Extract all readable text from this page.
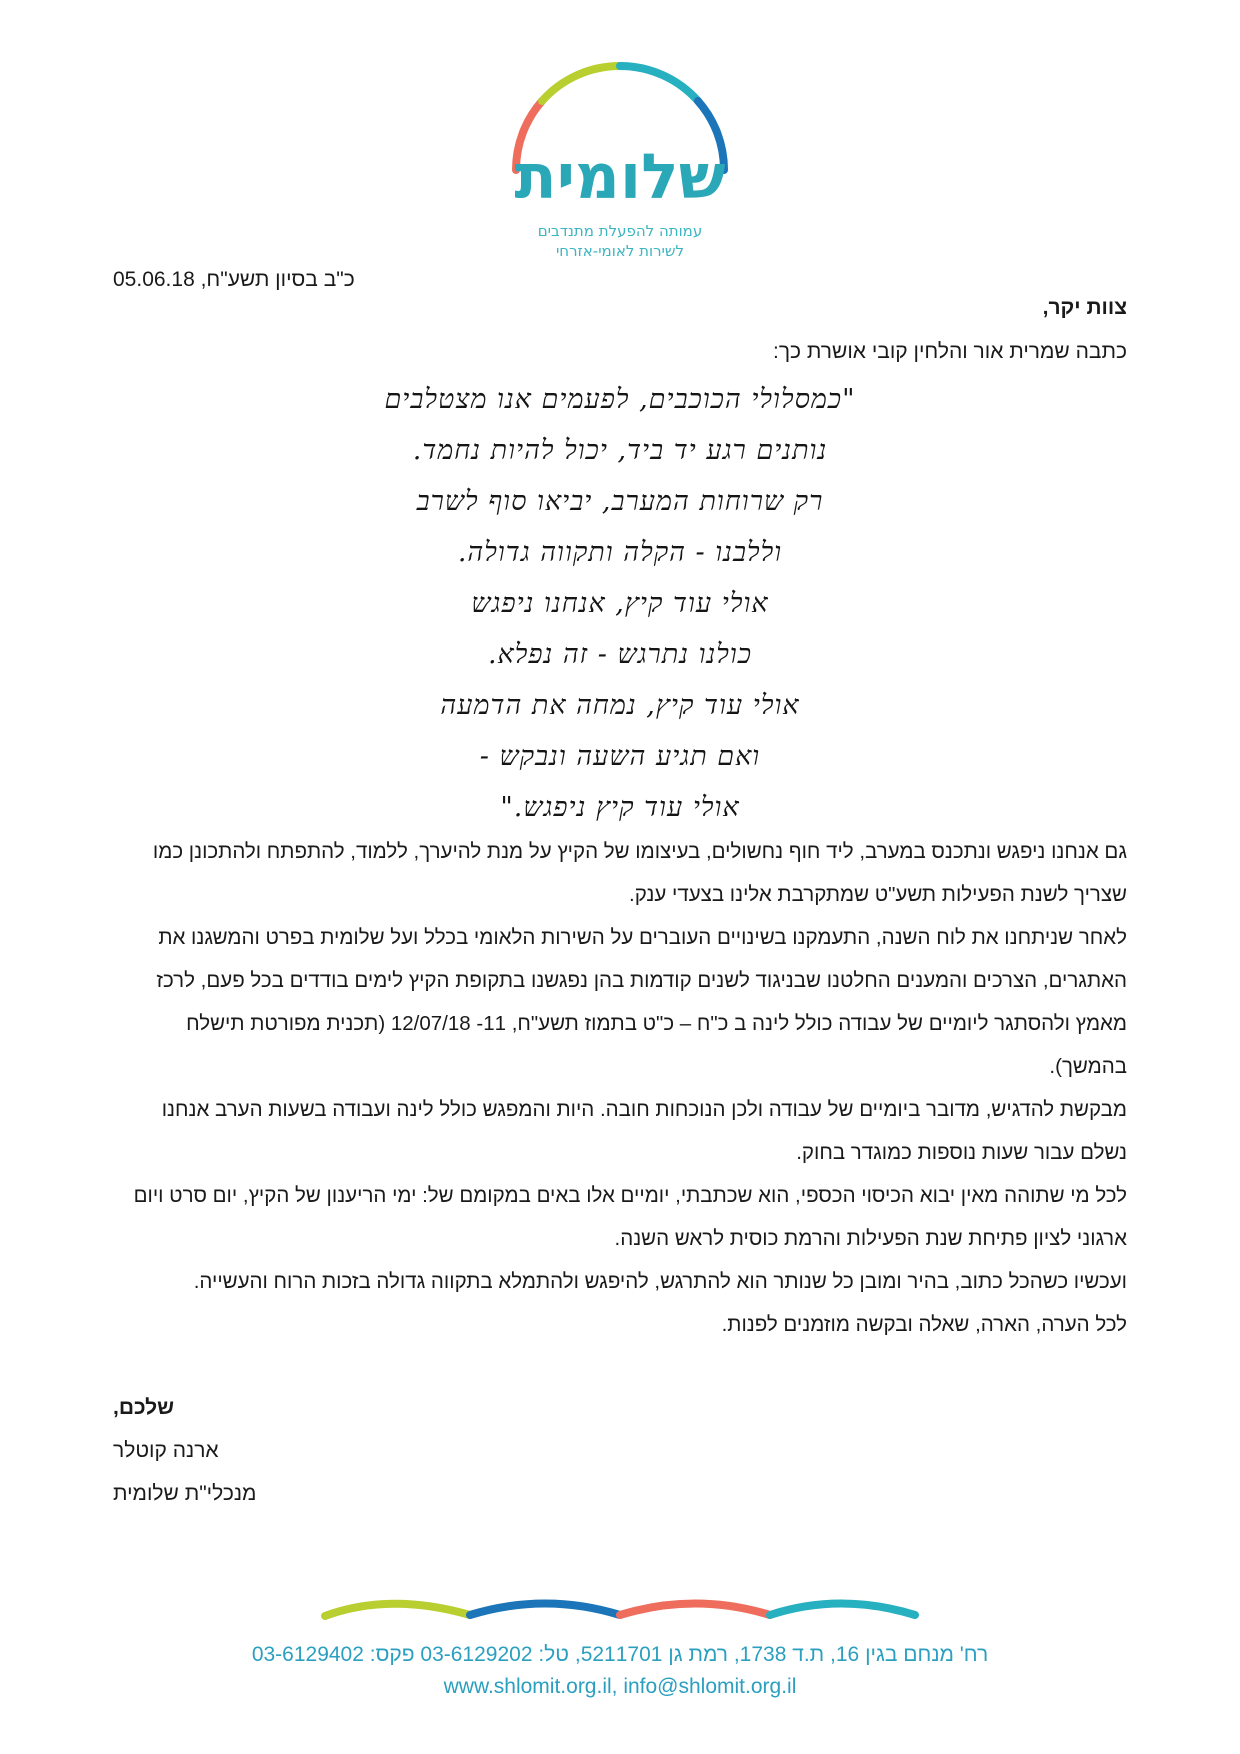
שלומית
עמותה להפעלת מתנדבים
לשירות לאומי-אזרחי
כ"ב בסיון תשע"ח, 05.06.18
צוות יקר,
כתבה שמרית אור והלחין קובי אושרת כך:
"כמסלולי הכוכבים, לפעמים אנו מצטלבים
נותנים רגע יד ביד, יכול להיות נחמד.
רק שרוחות המערב, יביאו סוף לשרב
וללבנו - הקלה ותקווה גדולה.
אולי עוד קיץ, אנחנו ניפגש
כולנו נתרגש - זה נפלא.
אולי עוד קיץ, נמחה את הדמעה
ואם תגיע השעה ונבקש -
אולי עוד קיץ ניפגש."

גם אנחנו ניפגש ונתכנס במערב, ליד חוף נחשולים, בעיצומו של הקיץ על מנת להיערך, ללמוד, להתפתח ולהתכונן כמו שצריך לשנת הפעילות תשע"ט שמתקרבת אלינו בצעדי ענק.

לאחר שניתחנו את לוח השנה, התעמקנו בשינויים העוברים על השירות הלאומי בכלל ועל שלומית בפרט והמשגנו את האתגרים, הצרכים והמענים החלטנו שבניגוד לשנים קודמות בהן נפגשנו בתקופת הקיץ לימים בודדים בכל פעם, לרכז מאמץ ולהסתגר ליומיים של עבודה כולל לינה ב כ"ח – כ"ט בתמוז תשע"ח, 11- 12/07/18 (תכנית מפורטת תישלח בהמשך).

מבקשת להדגיש, מדובר ביומיים של עבודה ולכן הנוכחות חובה. היות והמפגש כולל לינה ועבודה בשעות הערב אנחנו נשלם עבור שעות נוספות כמוגדר בחוק.

לכל מי שתוהה מאין יבוא הכיסוי הכספי, הוא שכתבתי, יומיים אלו באים במקומם של: ימי הריענון של הקיץ, יום סרט ויום ארגוני לציון פתיחת שנת הפעילות והרמת כוסית לראש השנה.

ועכשיו כשהכל כתוב, בהיר ומובן כל שנותר הוא להתרגש, להיפגש ולהתמלא בתקווה גדולה בזכות הרוח והעשייה.

לכל הערה, הארה, שאלה ובקשה מוזמנים לפנות.

שלכם,
ארנה קוטלר
מנכלי"ת שלומית
רח' מנחם בגין 16, ת.ד 1738, רמת גן 5211701, טל: 03-6129202 פקס: 03-6129402
www.shlomit.org.il, info@shlomit.org.il
